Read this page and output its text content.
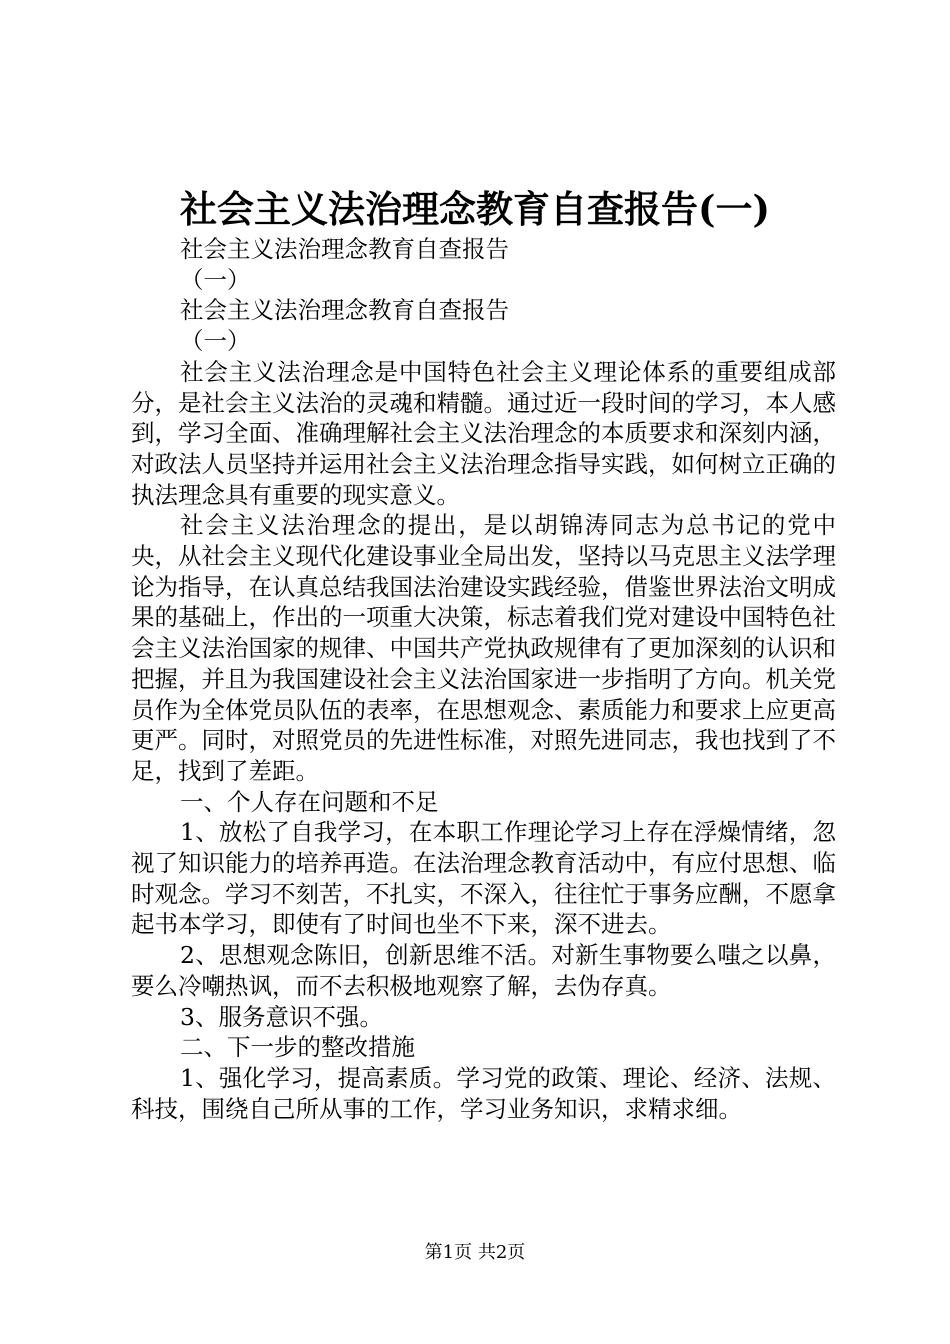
社会主义法治理念教育自查报告(一)

社会主义法治理念教育自查报告

（一）

社会主义法治理念教育自查报告

（一）

社会主义法治理念是中国特色社会主义理论体系的重要组成部分，是社会主义法治的灵魂和精髓。通过近一段时间的学习，本人感到，学习全面、准确理解社会主义法治理念的本质要求和深刻内涵，对政法人员坚持并运用社会主义法治理念指导实践，如何树立正确的执法理念具有重要的现实意义。

社会主义法治理念的提出，是以胡锦涛同志为总书记的党中央，从社会主义现代化建设事业全局出发，坚持以马克思主义法学理论为指导，在认真总结我国法治建设实践经验，借鉴世界法治文明成果的基础上，作出的一项重大决策，标志着我们党对建设中国特色社会主义法治国家的规律、中国共产党执政规律有了更加深刻的认识和把握，并且为我国建设社会主义法治国家进一步指明了方向。机关党员作为全体党员队伍的表率，在思想观念、素质能力和要求上应更高更严。同时，对照党员的先进性标准，对照先进同志，我也找到了不足，找到了差距。

一、个人存在问题和不足

1、放松了自我学习，在本职工作理论学习上存在浮燥情绪，忽视了知识能力的培养再造。在法治理念教育活动中，有应付思想、临时观念。学习不刻苦，不扎实，不深入，往往忙于事务应酬，不愿拿起书本学习，即使有了时间也坐不下来，深不进去。

2、思想观念陈旧，创新思维不活。对新生事物要么嗤之以鼻，要么冷嘲热讽，而不去积极地观察了解，去伪存真。

3、服务意识不强。

二、下一步的整改措施

1、强化学习，提高素质。学习党的政策、理论、经济、法规、科技，围绕自己所从事的工作，学习业务知识，求精求细。

第1页 共2页
